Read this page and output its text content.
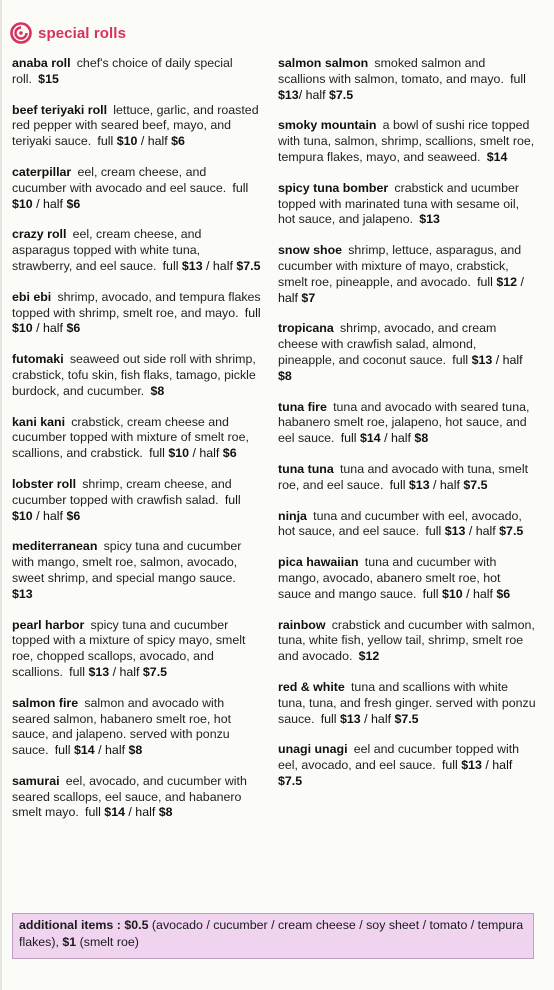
special rolls
anaba roll  chef's choice of daily special roll.  $15
beef teriyaki roll  lettuce, garlic, and roasted red pepper with seared beef, mayo, and teriyaki sauce.  full $10 / half $6
caterpillar  eel, cream cheese, and cucumber with avocado and eel sauce.  full $10 / half $6
crazy roll  eel, cream cheese, and asparagus topped with white tuna, strawberry, and eel sauce.  full $13 / half $7.5
ebi ebi  shrimp, avocado, and tempura flakes topped with shrimp, smelt roe, and mayo.  full $10 / half $6
futomaki  seaweed out side roll with shrimp, crabstick, tofu skin, fish flaks, tamago, pickle burdock, and cucumber.  $8
kani kani  crabstick, cream cheese and cucumber topped with mixture of smelt roe, scallions, and crabstick.  full $10 / half $6
lobster roll  shrimp, cream cheese, and cucumber topped with crawfish salad.  full $10 / half $6
mediterranean  spicy tuna and cucumber with mango, smelt roe, salmon, avocado, sweet shrimp, and special mango sauce. $13
pearl harbor  spicy tuna and cucumber topped with a mixture of spicy mayo, smelt roe, chopped scallops, avocado, and scallions.  full $13 / half $7.5
salmon fire  salmon and avocado with seared salmon, habanero smelt roe, hot sauce, and jalapeno. served with ponzu sauce.  full $14 / half $8
samurai  eel, avocado, and cucumber with seared scallops, eel sauce, and habanero smelt mayo.  full $14 / half $8
salmon salmon  smoked salmon and scallions with salmon, tomato, and mayo.  full $13/ half $7.5
smoky mountain  a bowl of sushi rice topped with tuna, salmon, shrimp, scallions, smelt roe, tempura flakes, mayo, and seaweed.  $14
spicy tuna bomber  crabstick and ucumber topped with marinated tuna with sesame oil, hot sauce, and jalapeno.  $13
snow shoe  shrimp, lettuce, asparagus, and cucumber with mixture of mayo, crabstick, smelt roe, pineapple, and avocado.  full $12 / half $7
tropicana  shrimp, avocado, and cream cheese with crawfish salad, almond, pineapple, and coconut sauce.  full $13 / half $8
tuna fire  tuna and avocado with seared tuna, habanero smelt roe, jalapeno, hot sauce, and eel sauce.  full $14 / half $8
tuna tuna  tuna and avocado with tuna, smelt roe, and eel sauce.  full $13 / half $7.5
ninja  tuna and cucumber with eel, avocado, hot sauce, and eel sauce.  full $13 / half $7.5
pica hawaiian  tuna and cucumber with mango, avocado, abanero smelt roe, hot sauce and mango sauce.  full $10 / half $6
rainbow  crabstick and cucumber with salmon, tuna, white fish, yellow tail, shrimp, smelt roe and avocado.  $12
red & white  tuna and scallions with white tuna, tuna, and fresh ginger. served with ponzu sauce.  full $13 / half $7.5
unagi unagi  eel and cucumber topped with eel, avocado, and eel sauce.  full $13 / half $7.5
additional items : $0.5 (avocado / cucumber / cream cheese / soy sheet / tomato / tempura flakes), $1 (smelt roe)
